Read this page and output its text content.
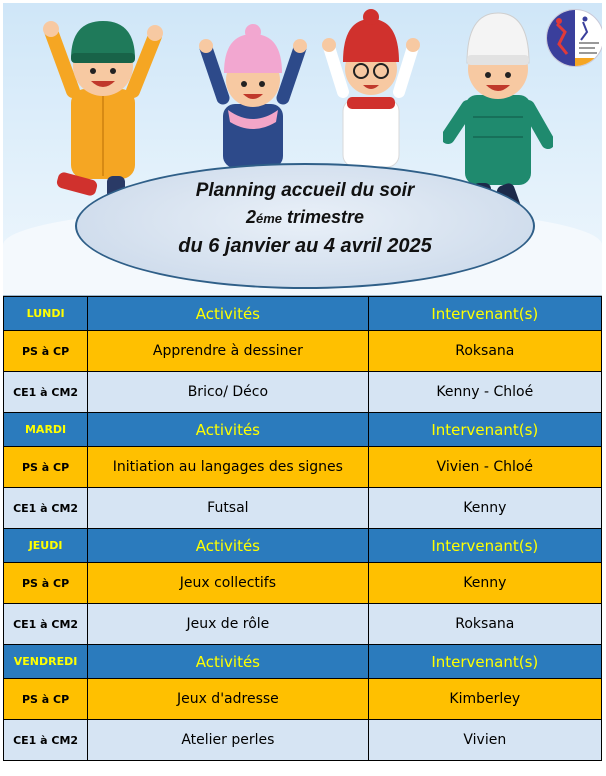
Planning accueil du soir
2éme trimestre
du 6 janvier au 4 avril 2025
LUNDI	Activités	Intervenant(s)
PS à CP	Apprendre à dessiner	Roksana
CE1 à CM2	Brico/ Déco	Kenny - Chloé
MARDI	Activités	Intervenant(s)
PS à CP	Initiation au langages des signes	Vivien - Chloé
CE1 à CM2	Futsal	Kenny
JEUDI	Activités	Intervenant(s)
PS à CP	Jeux collectifs	Kenny
CE1 à CM2	Jeux de rôle	Roksana
VENDREDI	Activités	Intervenant(s)
PS à CP	Jeux d'adresse	Kimberley
CE1 à CM2	Atelier perles	Vivien
